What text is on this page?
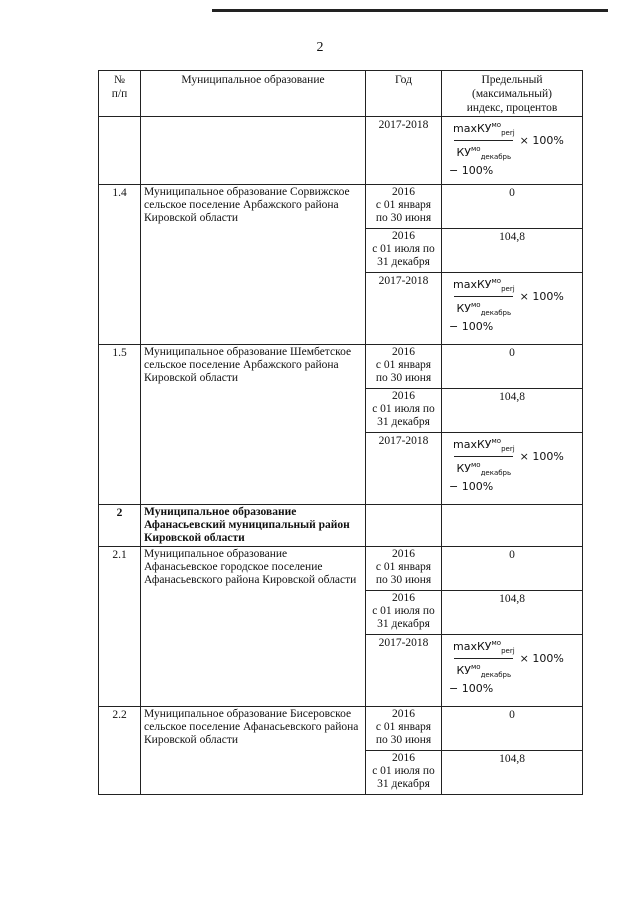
2
№
п/п	Муниципальное образование	Год	Предельный
(максимальный)
индекс, процентов
		2017-2018	$\frac{\max КУ^{мо}_{perj}}{КУ^{мо}_{декабрь}} \times 100\%$
− 100%

1.4	Муниципальное образование Сорвижское сельское поселение Арбажского района Кировской области	2016
с 01 января
по 30 июня	0
		2016
с 01 июля по
31 декабря	104,8
		2017-2018	$\frac{\max КУ^{мо}_{perj}}{КУ^{мо}_{декабрь}} \times 100\%$
− 100%

1.5	Муниципальное образование Шембетское сельское поселение Арбажского района Кировской области	2016
с 01 января
по 30 июня	0
		2016
с 01 июля по
31 декабря	104,8
		2017-2018	$\frac{\max КУ^{мо}_{perj}}{КУ^{мо}_{декабрь}} \times 100\%$
− 100%

2	Муниципальное образование Афанасьевский муниципальный район Кировской области		
2.1	Муниципальное образование Афанасьевское городское поселение Афанасьевского района Кировской области	2016
с 01 января
по 30 июня	0
		2016
с 01 июля по
31 декабря	104,8
		2017-2018	$\frac{\max КУ^{мо}_{perj}}{КУ^{мо}_{декабрь}} \times 100\%$
− 100%

2.2	Муниципальное образование Бисеровское сельское поселение Афанасьевского района Кировской области	2016
с 01 января
по 30 июня	0
		2016
с 01 июля по
31 декабря	104,8
